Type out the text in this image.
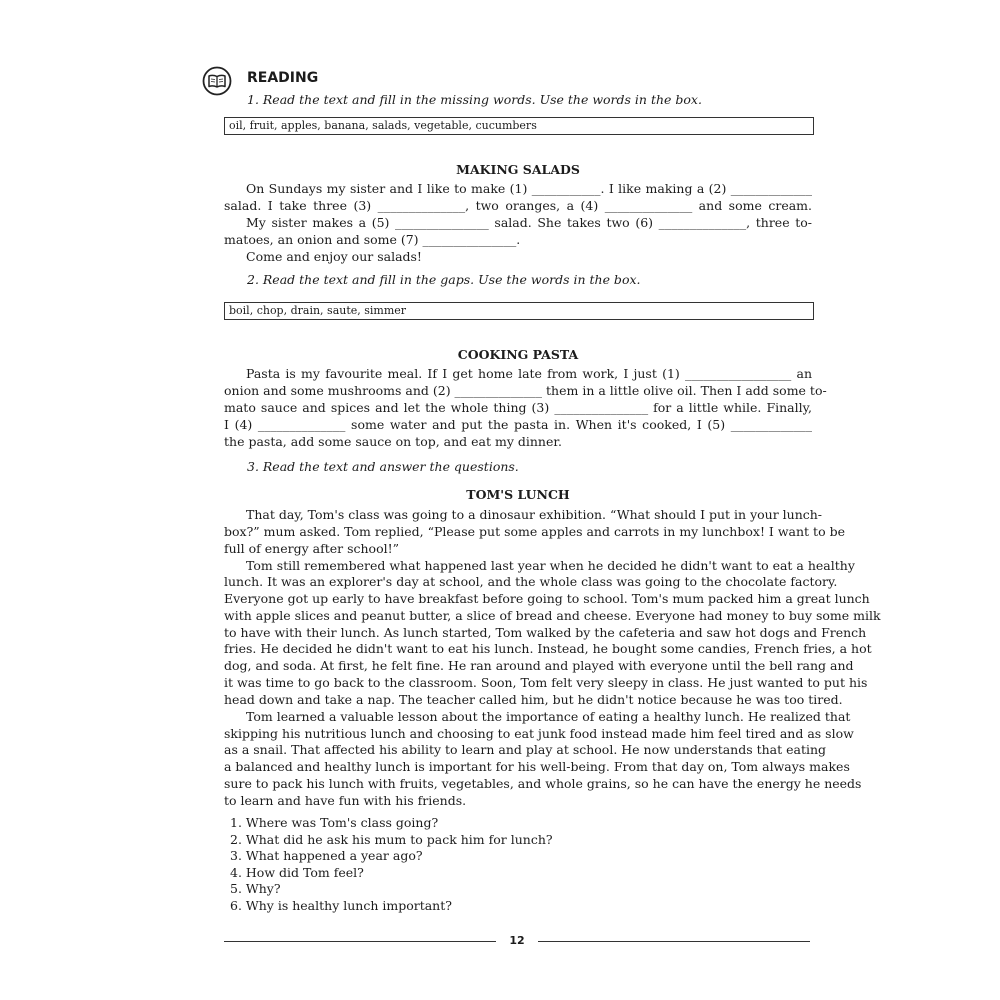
READING
1. Read the text and fill in the missing words. Use the words in the box.
oil, fruit, apples, banana, salads, vegetable, cucumbers
MAKING SALADS
On Sundays my sister and I like to make (1) ___________. I like making a (2) _____________
salad. I take three (3) ______________, two oranges, a (4) ______________ and some cream.
My sister makes a (5) _______________ salad. She takes two (6) ______________, three to-
matoes, an onion and some (7) _______________.
Come and enjoy our salads!
2. Read the text and fill in the gaps. Use the words in the box.
boil, chop, drain, saute, simmer
COOKING PASTA
Pasta is my favourite meal. If I get home late from work, I just (1) _________________ an
onion and some mushrooms and (2) ______________ them in a little olive oil. Then I add some to-
mato sauce and spices and let the whole thing (3) _______________ for a little while. Finally,
I (4) ______________ some water and put the pasta in. When it's cooked, I (5) _____________
the pasta, add some sauce on top, and eat my dinner.
3. Read the text and answer the questions.
TOM'S LUNCH
That day, Tom's class was going to a dinosaur exhibition. “What should I put in your lunch-
box?” mum asked. Tom replied, “Please put some apples and carrots in my lunchbox! I want to be
full of energy after school!”
Tom still remembered what happened last year when he decided he didn't want to eat a healthy
lunch. It was an explorer's day at school, and the whole class was going to the chocolate factory.
Everyone got up early to have breakfast before going to school. Tom's mum packed him a great lunch
with apple slices and peanut butter, a slice of bread and cheese. Everyone had money to buy some milk
to have with their lunch. As lunch started, Tom walked by the cafeteria and saw hot dogs and French
fries. He decided he didn't want to eat his lunch. Instead, he bought some candies, French fries, a hot
dog, and soda. At first, he felt fine. He ran around and played with everyone until the bell rang and
it was time to go back to the classroom. Soon, Tom felt very sleepy in class. He just wanted to put his
head down and take a nap. The teacher called him, but he didn't notice because he was too tired.
Tom learned a valuable lesson about the importance of eating a healthy lunch. He realized that
skipping his nutritious lunch and choosing to eat junk food instead made him feel tired and as slow
as a snail. That affected his ability to learn and play at school. He now understands that eating
a balanced and healthy lunch is important for his well-being. From that day on, Tom always makes
sure to pack his lunch with fruits, vegetables, and whole grains, so he can have the energy he needs
to learn and have fun with his friends.
1. Where was Tom's class going?
2. What did he ask his mum to pack him for lunch?
3. What happened a year ago?
4. How did Tom feel?
5. Why?
6. Why is healthy lunch important?
12
